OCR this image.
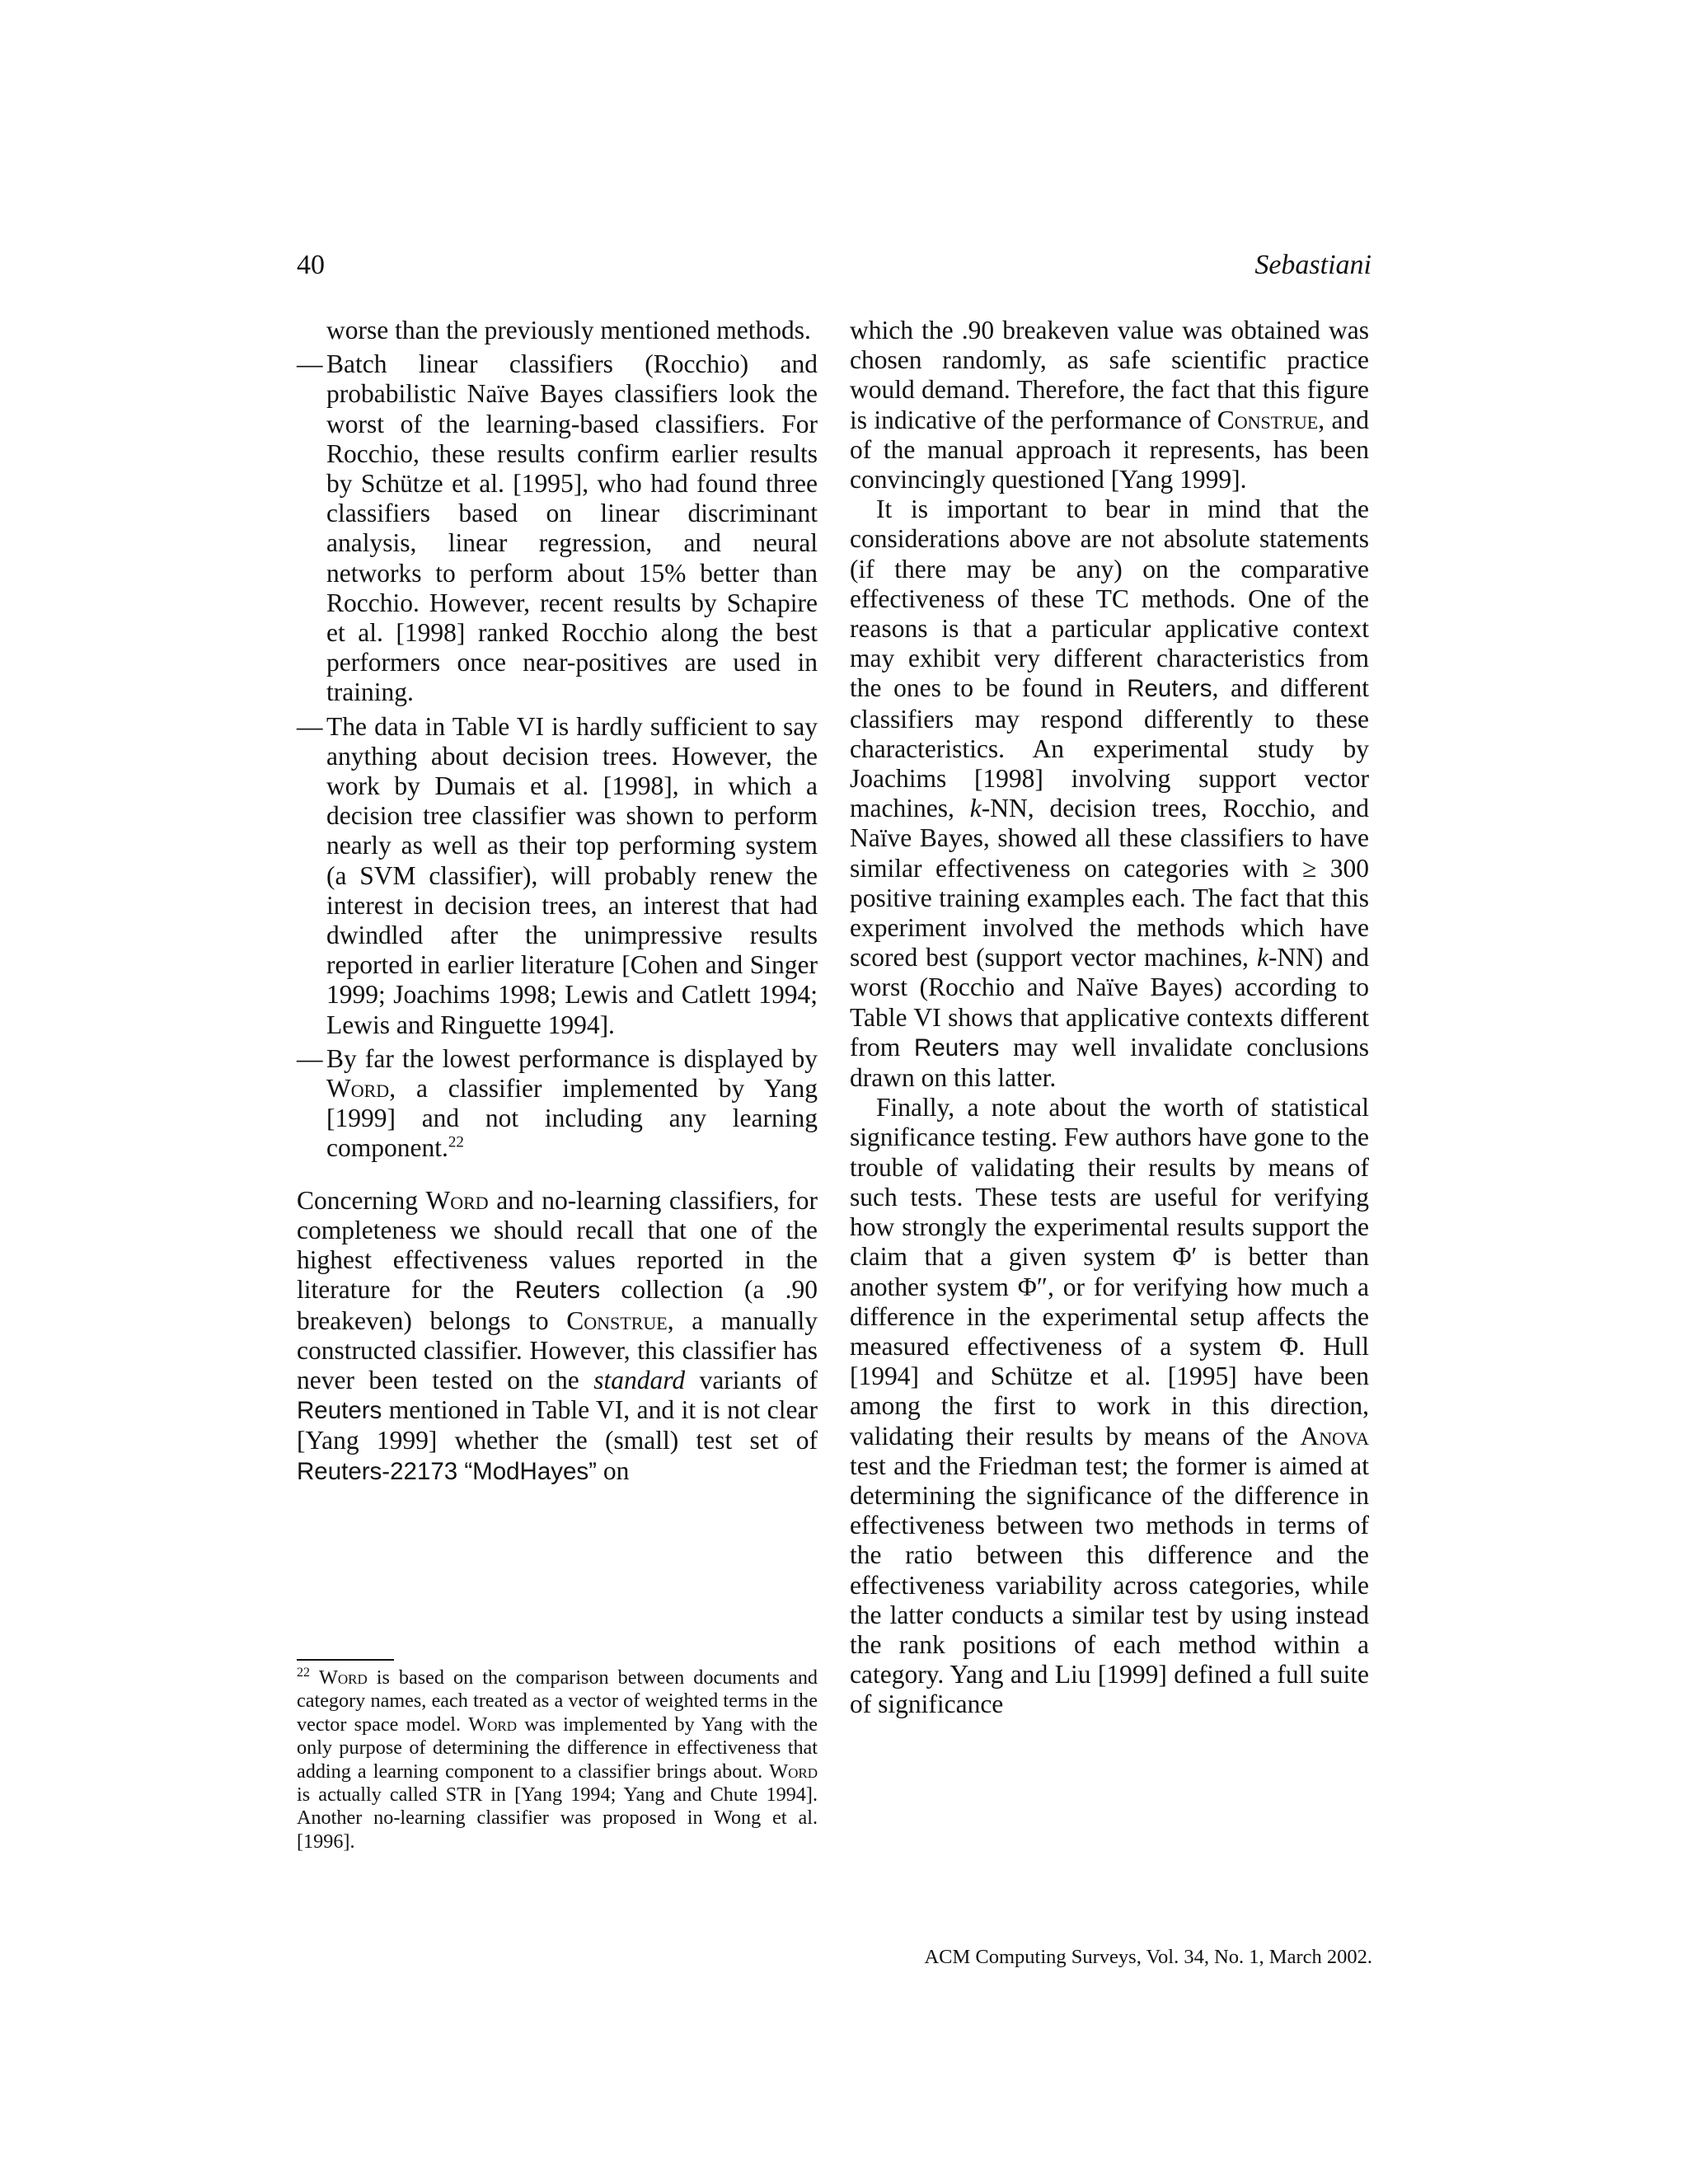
40	Sebastiani

worse than the previously mentioned methods.

— Batch linear classifiers (Rocchio) and probabilistic Naïve Bayes classifiers look the worst of the learning-based classifiers. For Rocchio, these results confirm earlier results by Schütze et al. [1995], who had found three classifiers based on linear discriminant analysis, linear regression, and neural networks to perform about 15% better than Rocchio. However, recent results by Schapire et al. [1998] ranked Rocchio along the best performers once near-positives are used in training.
— The data in Table VI is hardly sufficient to say anything about decision trees. However, the work by Dumais et al. [1998], in which a decision tree classifier was shown to perform nearly as well as their top performing system (a SVM classifier), will probably renew the interest in decision trees, an interest that had dwindled after the unimpressive results reported in earlier literature [Cohen and Singer 1999; Joachims 1998; Lewis and Catlett 1994; Lewis and Ringuette 1994].
— By far the lowest performance is displayed by Word, a classifier implemented by Yang [1999] and not including any learning component.$^{22}$

Concerning Word and no-learning classifiers, for completeness we should recall that one of the highest effectiveness values reported in the literature for the Reuters collection (a .90 breakeven) belongs to Construe, a manually constructed classifier. However, this classifier has never been tested on the standard variants of Reuters mentioned in Table VI, and it is not clear [Yang 1999] whether the (small) test set of Reuters-22173 “ModHayes” on

$^{22}$ Word is based on the comparison between documents and category names, each treated as a vector of weighted terms in the vector space model. Word was implemented by Yang with the only purpose of determining the difference in effectiveness that adding a learning component to a classifier brings about. Word is actually called STR in [Yang 1994; Yang and Chute 1994]. Another no-learning classifier was proposed in Wong et al. [1996].

which the .90 breakeven value was obtained was chosen randomly, as safe scientific practice would demand. Therefore, the fact that this figure is indicative of the performance of Construe, and of the manual approach it represents, has been convincingly questioned [Yang 1999].

It is important to bear in mind that the considerations above are not absolute statements (if there may be any) on the comparative effectiveness of these TC methods. One of the reasons is that a particular applicative context may exhibit very different characteristics from the ones to be found in Reuters, and different classifiers may respond differently to these characteristics. An experimental study by Joachims [1998] involving support vector machines, k-NN, decision trees, Rocchio, and Naïve Bayes, showed all these classifiers to have similar effectiveness on categories with ≥ 300 positive training examples each. The fact that this experiment involved the methods which have scored best (support vector machines, k-NN) and worst (Rocchio and Naïve Bayes) according to Table VI shows that applicative contexts different from Reuters may well invalidate conclusions drawn on this latter.

Finally, a note about the worth of statistical significance testing. Few authors have gone to the trouble of validating their results by means of such tests. These tests are useful for verifying how strongly the experimental results support the claim that a given system Φ′ is better than another system Φ″, or for verifying how much a difference in the experimental setup affects the measured effectiveness of a system Φ. Hull [1994] and Schütze et al. [1995] have been among the first to work in this direction, validating their results by means of the Anova test and the Friedman test; the former is aimed at determining the significance of the difference in effectiveness between two methods in terms of the ratio between this difference and the effectiveness variability across categories, while the latter conducts a similar test by using instead the rank positions of each method within a category. Yang and Liu [1999] defined a full suite of significance

ACM Computing Surveys, Vol. 34, No. 1, March 2002.
